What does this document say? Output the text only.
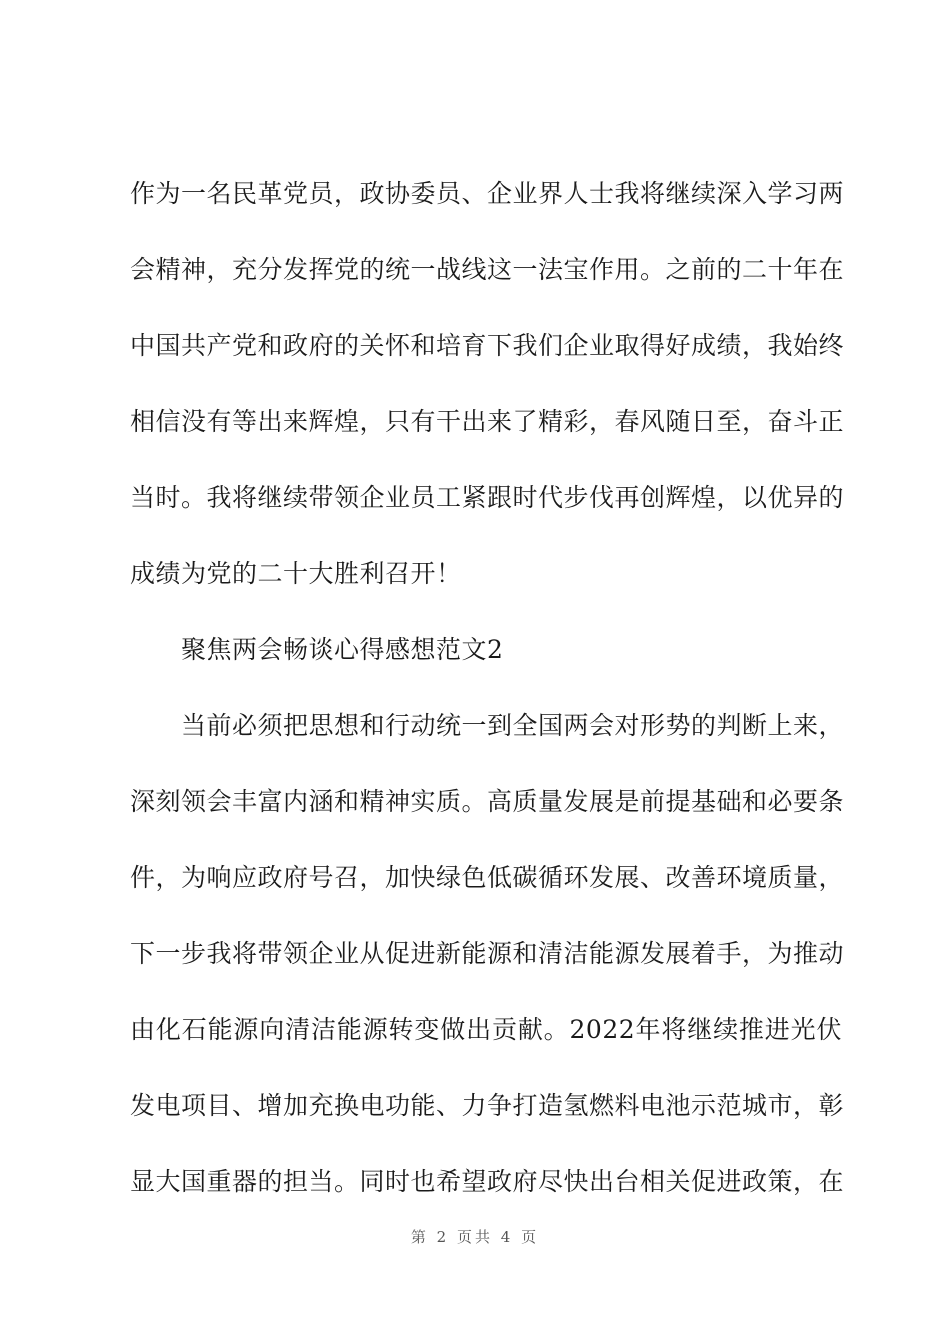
作为一名民革党员，政协委员、企业界人士我将继续深入学习两
会精神，充分发挥党的统一战线这一法宝作用。之前的二十年在
中国共产党和政府的关怀和培育下我们企业取得好成绩，我始终
相信没有等出来辉煌，只有干出来了精彩，春风随日至，奋斗正
当时。我将继续带领企业员工紧跟时代步伐再创辉煌，以优异的
成绩为党的二十大胜利召开！
聚焦两会畅谈心得感想范文2
当前必须把思想和行动统一到全国两会对形势的判断上来，
深刻领会丰富内涵和精神实质。高质量发展是前提基础和必要条
件，为响应政府号召，加快绿色低碳循环发展、改善环境质量，
下一步我将带领企业从促进新能源和清洁能源发展着手，为推动
由化石能源向清洁能源转变做出贡献。2022年将继续推进光伏
发电项目、增加充换电功能、力争打造氢燃料电池示范城市，彰
显大国重器的担当。同时也希望政府尽快出台相关促进政策，在
第 2 页共 4 页
